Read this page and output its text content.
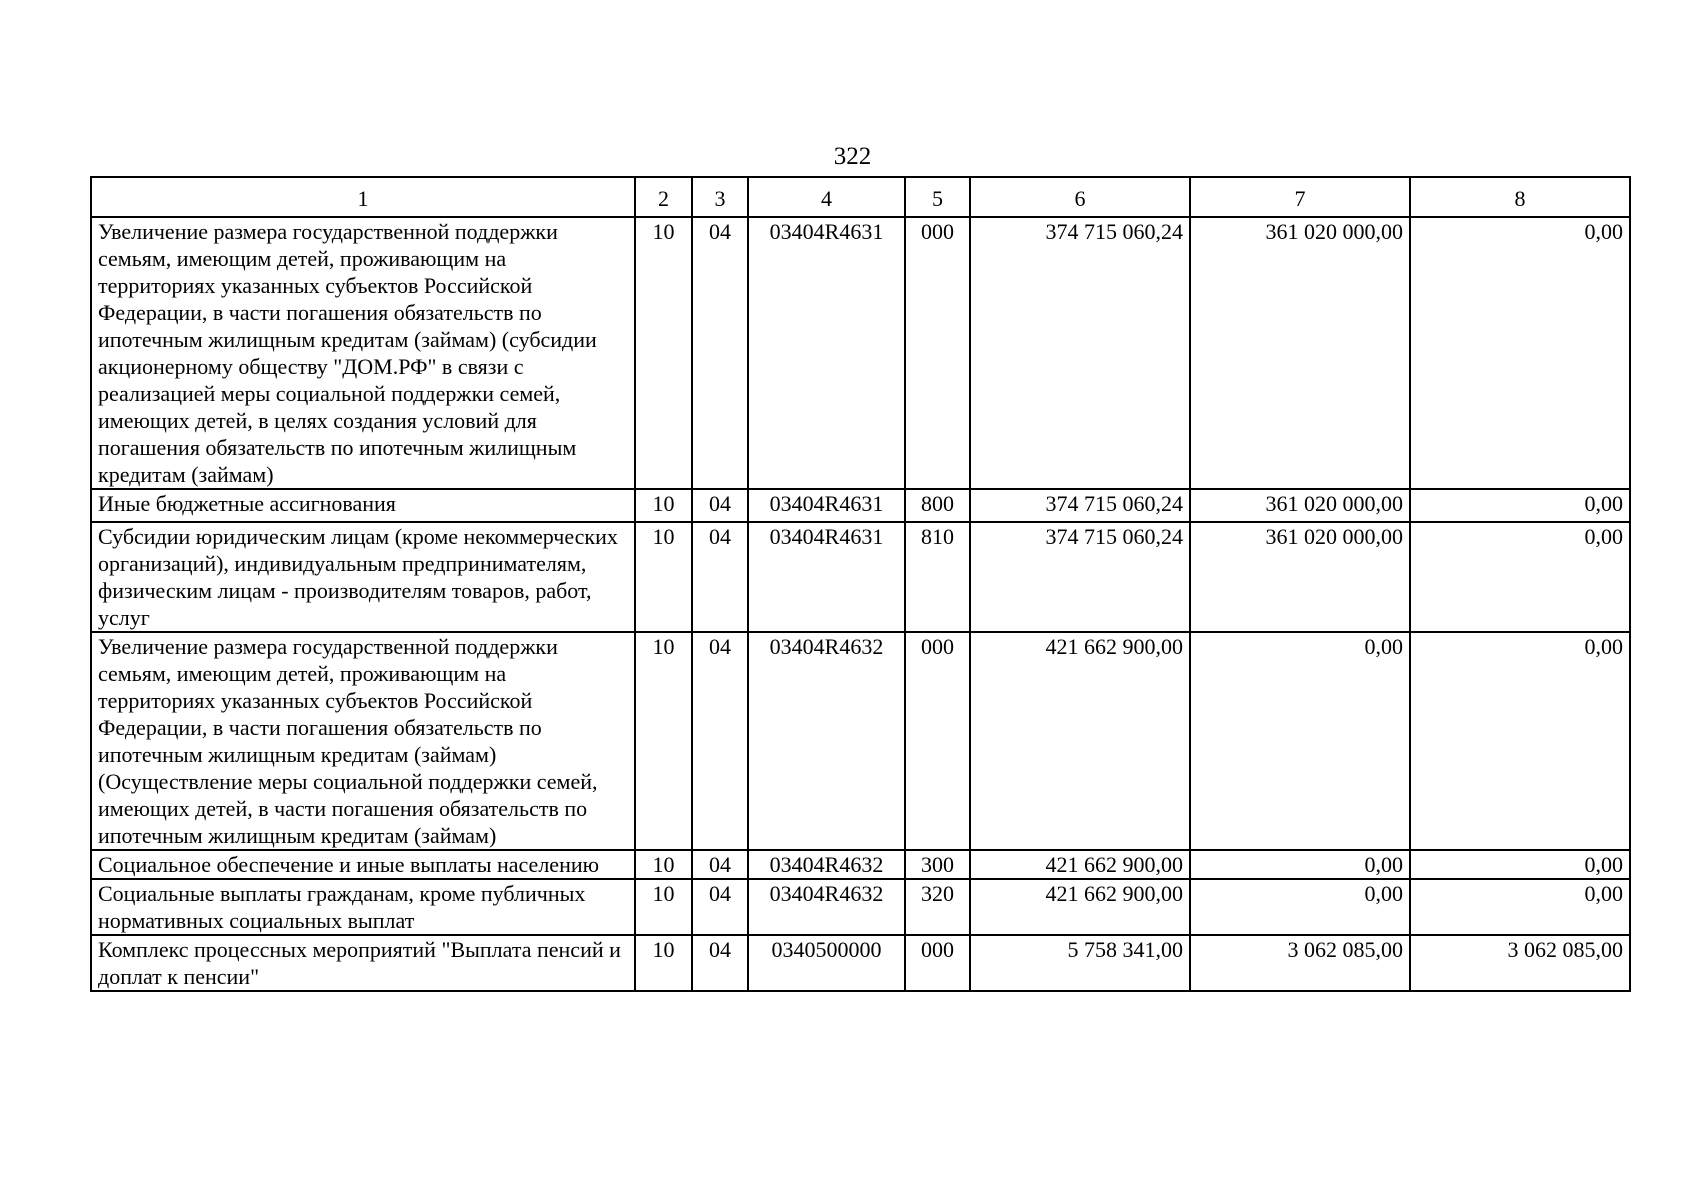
322
1	2	3	4	5	6	7	8
Увеличение размера государственной поддержки семьям, имеющим детей, проживающим на территориях указанных субъектов Российской Федерации, в части погашения обязательств по ипотечным жилищным кредитам (займам) (субсидии акционерному обществу "ДОМ.РФ" в связи с реализацией меры социальной поддержки семей, имеющих детей, в целях создания условий для погашения обязательств по ипотечным жилищным кредитам (займам)	10	04	03404R4631	000	374 715 060,24	361 020 000,00	0,00
Иные бюджетные ассигнования	10	04	03404R4631	800	374 715 060,24	361 020 000,00	0,00
Субсидии юридическим лицам (кроме некоммерческих организаций), индивидуальным предпринимателям, физическим лицам - производителям товаров, работ, услуг	10	04	03404R4631	810	374 715 060,24	361 020 000,00	0,00
Увеличение размера государственной поддержки семьям, имеющим детей, проживающим на территориях указанных субъектов Российской Федерации, в части погашения обязательств по ипотечным жилищным кредитам (займам) (Осуществление меры социальной поддержки семей, имеющих детей, в части погашения обязательств по ипотечным жилищным кредитам (займам)	10	04	03404R4632	000	421 662 900,00	0,00	0,00
Социальное обеспечение и иные выплаты населению	10	04	03404R4632	300	421 662 900,00	0,00	0,00
Социальные выплаты гражданам, кроме публичных нормативных социальных выплат	10	04	03404R4632	320	421 662 900,00	0,00	0,00
Комплекс процессных мероприятий "Выплата пенсий и доплат к пенсии"	10	04	0340500000	000	5 758 341,00	3 062 085,00	3 062 085,00
